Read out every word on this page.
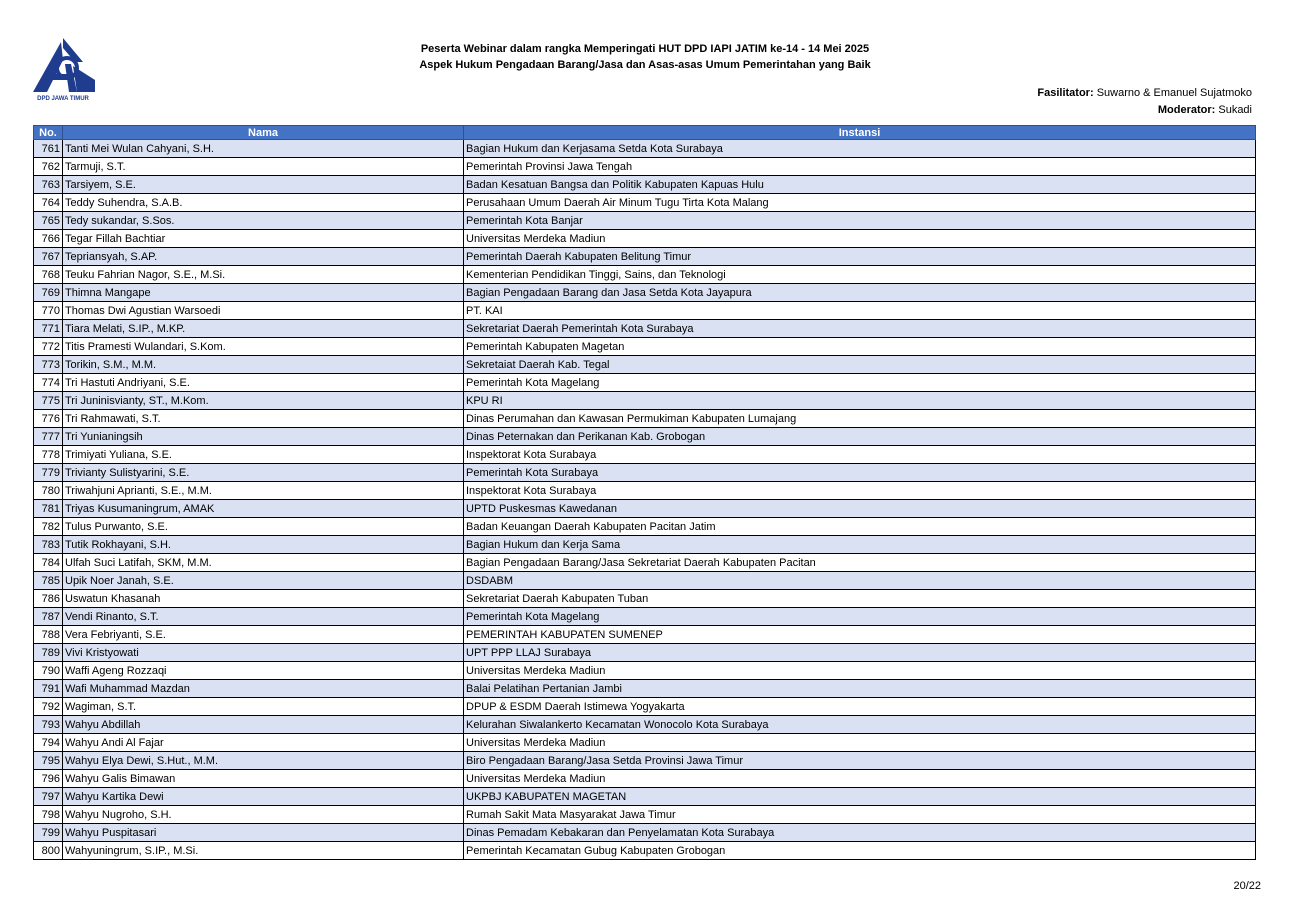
DPD JAWA TIMUR
Peserta Webinar dalam rangka Memperingati HUT DPD IAPI JATIM ke-14 - 14 Mei 2025
Aspek Hukum Pengadaan Barang/Jasa dan Asas-asas Umum Pemerintahan yang Baik
Fasilitator: Suwarno & Emanuel Sujatmoko
Moderator: Sukadi
No.	Nama	Instansi
761	Tanti Mei Wulan Cahyani, S.H.	Bagian Hukum dan Kerjasama Setda Kota Surabaya
762	Tarmuji, S.T.	Pemerintah Provinsi Jawa Tengah
763	Tarsiyem, S.E.	Badan Kesatuan Bangsa dan Politik Kabupaten Kapuas Hulu
764	Teddy Suhendra, S.A.B.	Perusahaan Umum Daerah Air Minum Tugu Tirta Kota Malang
765	Tedy sukandar, S.Sos.	Pemerintah Kota Banjar
766	Tegar Fillah Bachtiar	Universitas Merdeka Madiun
767	Tepriansyah, S.AP.	Pemerintah Daerah Kabupaten Belitung Timur
768	Teuku Fahrian Nagor, S.E., M.Si.	Kementerian Pendidikan Tinggi, Sains, dan Teknologi
769	Thimna Mangape	Bagian Pengadaan Barang dan Jasa Setda Kota Jayapura
770	Thomas Dwi Agustian Warsoedi	PT. KAI
771	Tiara Melati, S.IP., M.KP.	Sekretariat Daerah Pemerintah Kota Surabaya
772	Titis Pramesti Wulandari, S.Kom.	Pemerintah Kabupaten Magetan
773	Torikin, S.M., M.M.	Sekretaiat Daerah Kab. Tegal
774	Tri Hastuti Andriyani, S.E.	Pemerintah Kota Magelang
775	Tri Juninisvianty, ST., M.Kom.	KPU RI
776	Tri Rahmawati, S.T.	Dinas Perumahan dan Kawasan Permukiman Kabupaten Lumajang
777	Tri Yunianingsih	Dinas Peternakan dan Perikanan Kab. Grobogan
778	Trimiyati Yuliana, S.E.	Inspektorat Kota Surabaya
779	Trivianty Sulistyarini, S.E.	Pemerintah Kota Surabaya
780	Triwahjuni Aprianti, S.E., M.M.	Inspektorat Kota Surabaya
781	Triyas Kusumaningrum, AMAK	UPTD Puskesmas Kawedanan
782	Tulus Purwanto, S.E.	Badan Keuangan Daerah Kabupaten Pacitan Jatim
783	Tutik Rokhayani, S.H.	Bagian Hukum dan Kerja Sama
784	Ulfah Suci Latifah, SKM, M.M.	Bagian Pengadaan Barang/Jasa Sekretariat Daerah Kabupaten Pacitan
785	Upik Noer Janah, S.E.	DSDABM
786	Uswatun Khasanah	Sekretariat Daerah Kabupaten Tuban
787	Vendi Rinanto, S.T.	Pemerintah Kota Magelang
788	Vera Febriyanti, S.E.	PEMERINTAH KABUPATEN SUMENEP
789	Vivi Kristyowati	UPT PPP LLAJ Surabaya
790	Waffi Ageng Rozzaqi	Universitas Merdeka Madiun
791	Wafi Muhammad Mazdan	Balai Pelatihan Pertanian Jambi
792	Wagiman, S.T.	DPUP & ESDM Daerah Istimewa Yogyakarta
793	Wahyu Abdillah	Kelurahan Siwalankerto Kecamatan Wonocolo Kota Surabaya
794	Wahyu Andi Al Fajar	Universitas Merdeka Madiun
795	Wahyu Elya Dewi, S.Hut., M.M.	Biro Pengadaan Barang/Jasa Setda Provinsi Jawa Timur
796	Wahyu Galis Bimawan	Universitas Merdeka Madiun
797	Wahyu Kartika Dewi	UKPBJ KABUPATEN MAGETAN
798	Wahyu Nugroho, S.H.	Rumah Sakit Mata Masyarakat Jawa Timur
799	Wahyu Puspitasari	Dinas Pemadam Kebakaran dan Penyelamatan Kota Surabaya
800	Wahyuningrum, S.IP., M.Si.	Pemerintah Kecamatan Gubug Kabupaten Grobogan
20/22
